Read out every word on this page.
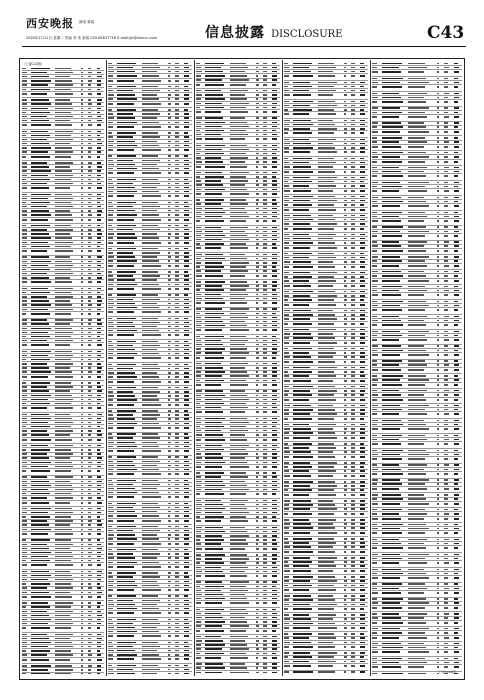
西安晚报 新闻 要闻
2020年2月11日 星期二 责编 刘 美 新闻 029-85837716 E-mail:jjb@xiancn.com	信息披露 DISCLOSURE	C43
（上接C42版）
（下转C44版）
